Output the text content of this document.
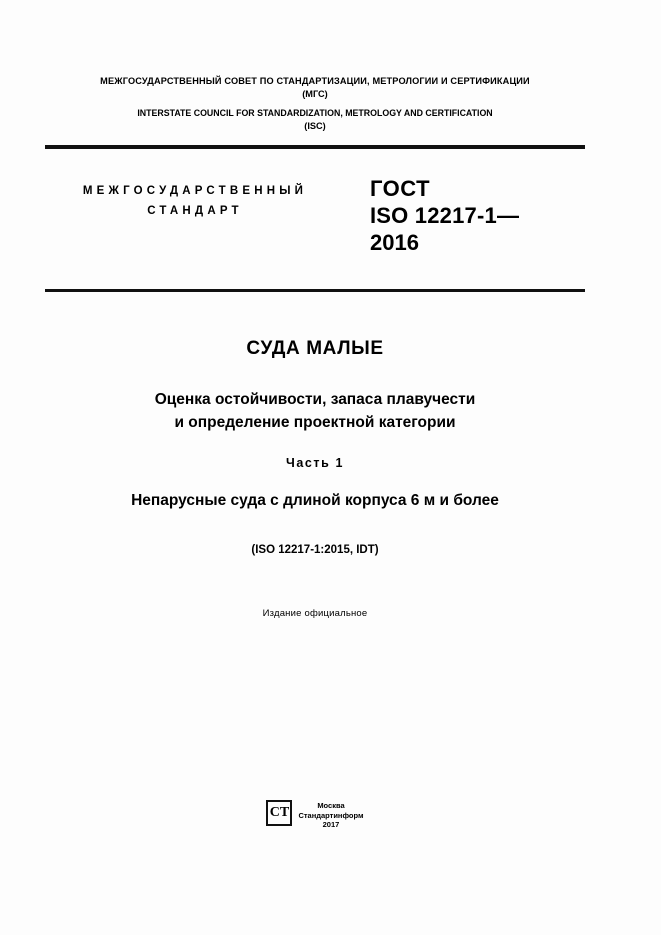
МЕЖГОСУДАРСТВЕННЫЙ СОВЕТ ПО СТАНДАРТИЗАЦИИ, МЕТРОЛОГИИ И СЕРТИФИКАЦИИ
(МГС)
INTERSTATE COUNCIL FOR STANDARDIZATION, METROLOGY AND CERTIFICATION
(ISC)
МЕЖГОСУДАРСТВЕННЫЙ
СТАНДАРТ
ГОСТ
ISO 12217-1—
2016
СУДА МАЛЫЕ
Оценка остойчивости, запаса плавучести
и определение проектной категории
Часть 1
Непарусные суда с длиной корпуса 6 м и более
(ISO 12217-1:2015, IDT)
Издание официальное
СТ	Москва
Стандартинформ
2017
